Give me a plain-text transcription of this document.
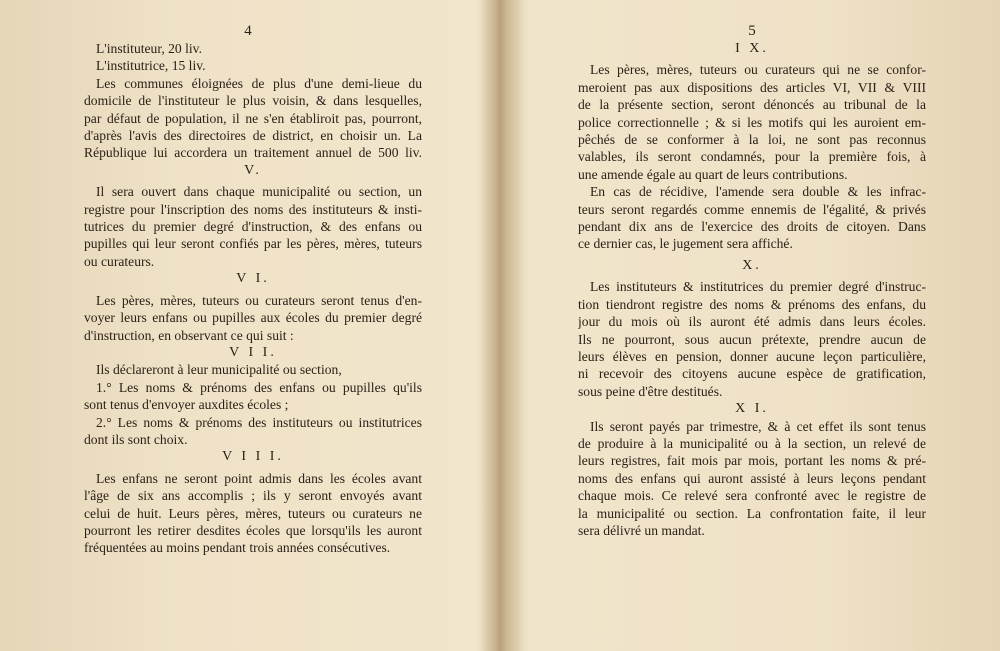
4
L'instituteur, 20 liv.
L'institutrice, 15 liv.
Les communes éloignées de plus d'une demi-lieue du
domicile de l'instituteur le plus voisin, & dans lesquelles,
par défaut de population, il ne s'en établiroit pas, pourront,
d'après l'avis des directoires de district, en choisir un. La
République lui accordera un traitement annuel de 500 liv.
V.
Il sera ouvert dans chaque municipalité ou section, un
registre pour l'inscription des noms des instituteurs & insti-
tutrices du premier degré d'instruction, & des enfans ou
pupilles qui leur seront confiés par les pères, mères, tuteurs
ou curateurs.
V I.
Les pères, mères, tuteurs ou curateurs seront tenus d'en-
voyer leurs enfans ou pupilles aux écoles du premier degré
d'instruction, en observant ce qui suit :
V I I.
Ils déclareront à leur municipalité ou section,
1.° Les noms & prénoms des enfans ou pupilles qu'ils
sont tenus d'envoyer auxdites écoles ;
2.° Les noms & prénoms des instituteurs ou institutrices
dont ils sont choix.
V I I I.
Les enfans ne seront point admis dans les écoles avant
l'âge de six ans accomplis ; ils y seront envoyés avant
celui de huit. Leurs pères, mères, tuteurs ou curateurs ne
pourront les retirer desdites écoles que lorsqu'ils les auront
fréquentées au moins pendant trois années consécutives.
5
I X.
Les pères, mères, tuteurs ou curateurs qui ne se confor-
meroient pas aux dispositions des articles VI, VII & VIII
de la présente section, seront dénoncés au tribunal de la
police correctionnelle ; & si les motifs qui les auroient em-
pêchés de se conformer à la loi, ne sont pas reconnus
valables, ils seront condamnés, pour la première fois, à
une amende égale au quart de leurs contributions.
En cas de récidive, l'amende sera double & les infrac-
teurs seront regardés comme ennemis de l'égalité, & privés
pendant dix ans de l'exercice des droits de citoyen. Dans
ce dernier cas, le jugement sera affiché.
X.
Les instituteurs & institutrices du premier degré d'instruc-
tion tiendront registre des noms & prénoms des enfans, du
jour du mois où ils auront été admis dans leurs écoles.
Ils ne pourront, sous aucun prétexte, prendre aucun de
leurs élèves en pension, donner aucune leçon particulière,
ni recevoir des citoyens aucune espèce de gratification,
sous peine d'être destitués.
X I.
Ils seront payés par trimestre, & à cet effet ils sont tenus
de produire à la municipalité ou à la section, un relevé de
leurs registres, fait mois par mois, portant les noms & pré-
noms des enfans qui auront assisté à leurs leçons pendant
chaque mois. Ce relevé sera confronté avec le registre de
la municipalité ou section. La confrontation faite, il leur
sera délivré un mandat.
